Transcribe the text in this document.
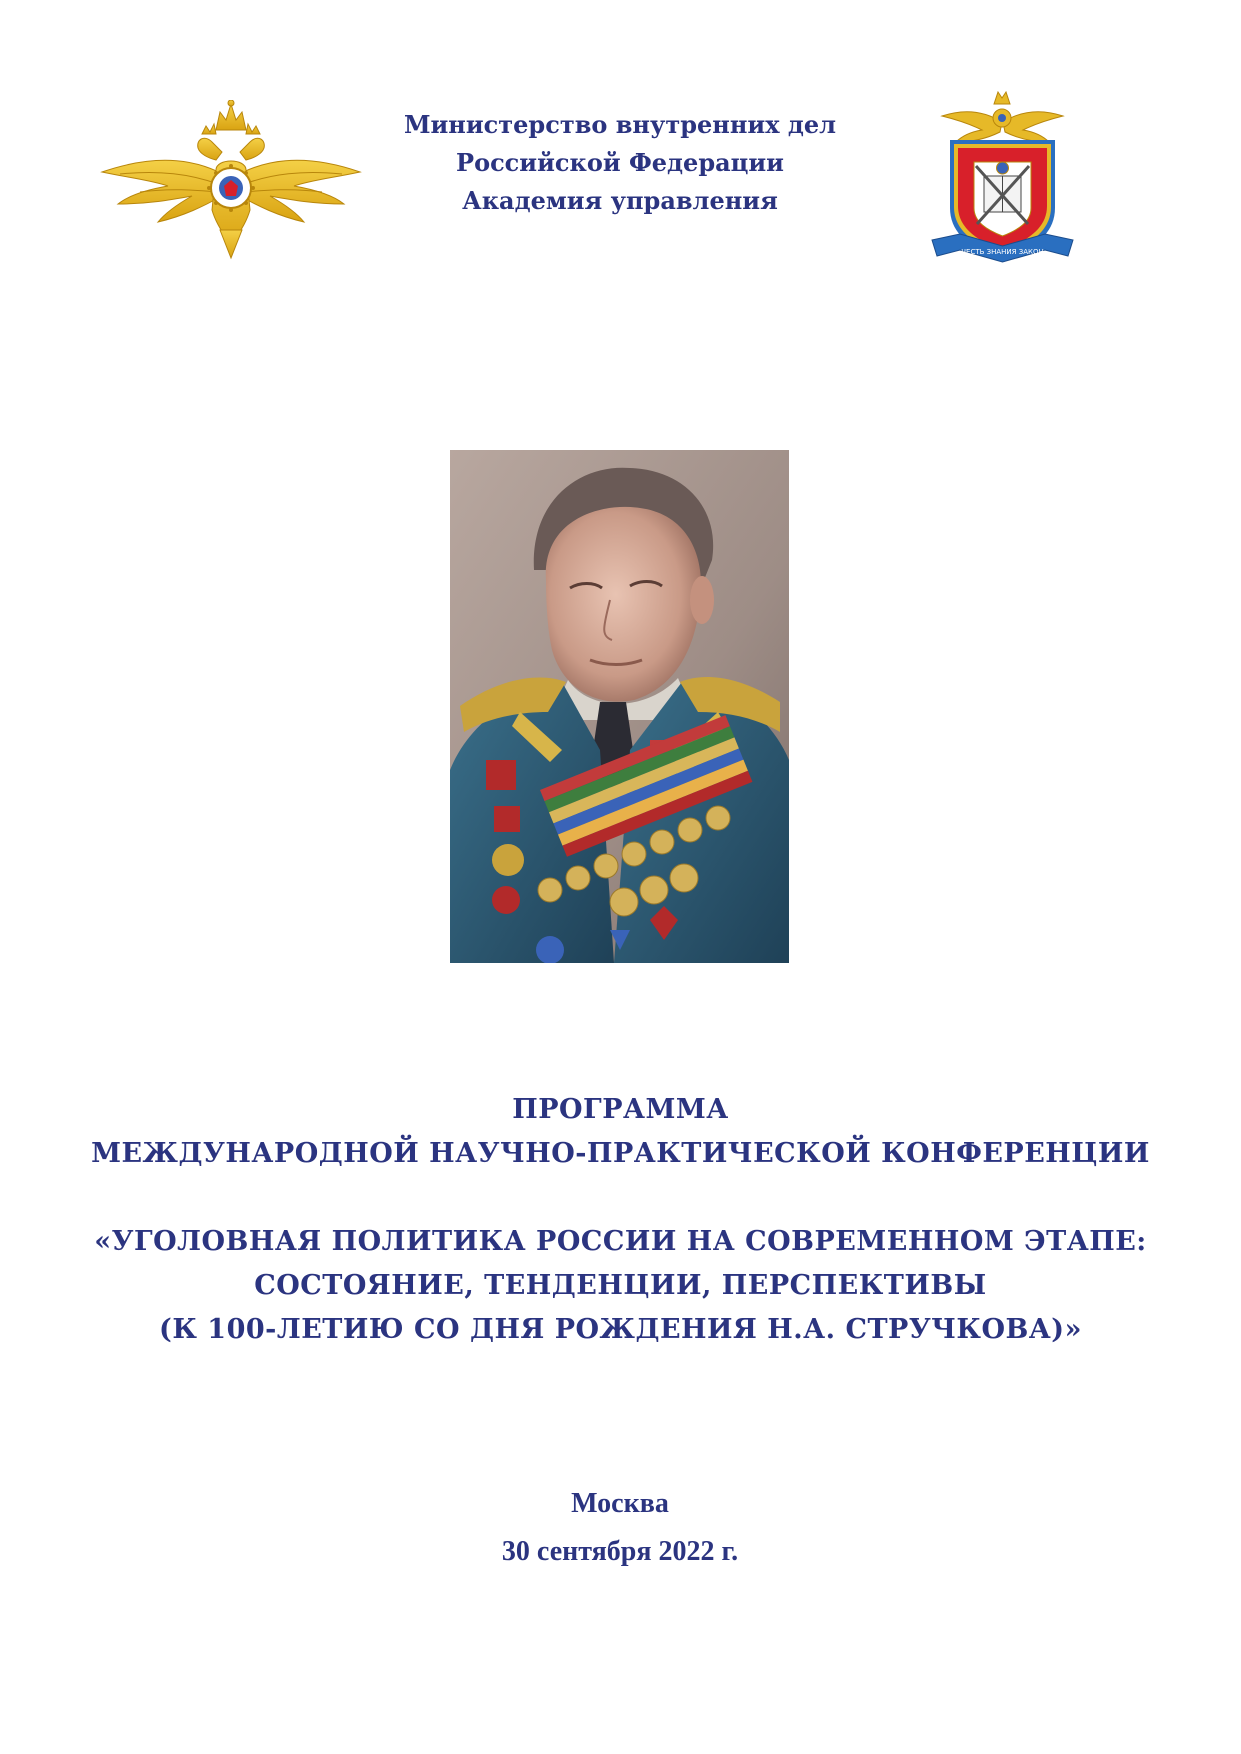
Министерство внутренних дел
Российской Федерации
Академия управления
ЧЕСТЬ ЗНАНИЯ ЗАКОН
ПРОГРАММА
МЕЖДУНАРОДНОЙ НАУЧНО-ПРАКТИЧЕСКОЙ КОНФЕРЕНЦИИ
«УГОЛОВНАЯ ПОЛИТИКА РОССИИ НА СОВРЕМЕННОМ ЭТАПЕ:
СОСТОЯНИЕ, ТЕНДЕНЦИИ, ПЕРСПЕКТИВЫ
(К 100-ЛЕТИЮ СО ДНЯ РОЖДЕНИЯ Н.А. СТРУЧКОВА)»
Москва
30 сентября 2022 г.
